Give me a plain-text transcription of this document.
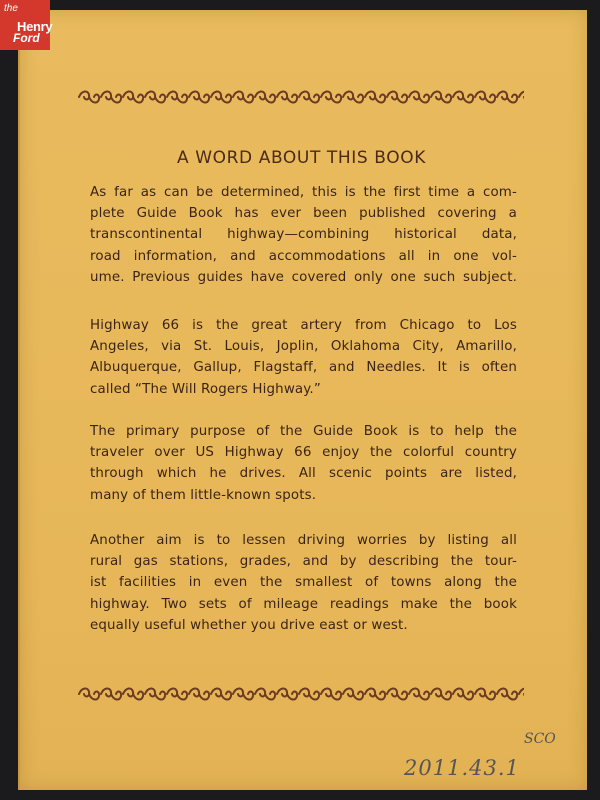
the
Henry
Ford
A WORD ABOUT THIS BOOK
As far as can be determined, this is the first time a com-
plete Guide Book has ever been published covering a
transcontinental highway—combining historical data,
road information, and accommodations all in one vol-
ume. Previous guides have covered only one such subject.
Highway 66 is the great artery from Chicago to Los
Angeles, via St. Louis, Joplin, Oklahoma City, Amarillo,
Albuquerque, Gallup, Flagstaff, and Needles. It is often
called “The Will Rogers Highway.”
The primary purpose of the Guide Book is to help the
traveler over US Highway 66 enjoy the colorful country
through which he drives. All scenic points are listed,
many of them little-known spots.
Another aim is to lessen driving worries by listing all
rural gas stations, grades, and by describing the tour-
ist facilities in even the smallest of towns along the
highway. Two sets of mileage readings make the book
equally useful whether you drive east or west.
SCO
2011.43.1
